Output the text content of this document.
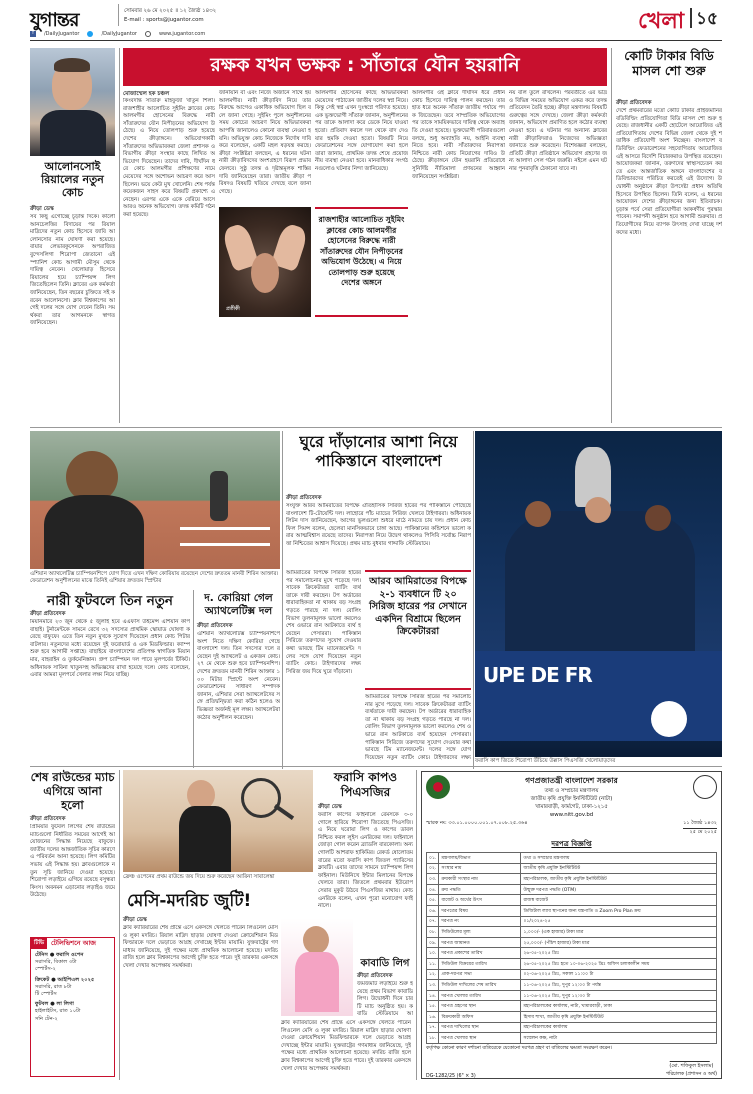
যুগান্তর	সোমবার ২৬ মে ২০২৫ ॥ ১২ জ্যৈষ্ঠ ১৪৩২
E-mail : sports@jugantor.com
f	/DailyJugantor	/DailyJugantor	www.jugantor.com	খেলা ১৫
আলোনসোই রিয়ালের নতুন কোচ
ক্রীড়া ডেস্ক
সব কিছু এগোচ্ছে চূড়ান্ত দিকে। কার্লো আনচেলত্তির বিদায়ের পর রিয়াল মাদ্রিদের নতুন কোচ হিসেবে জাবি আলোনসোর নাম ঘোষণা করা হয়েছে। বায়ার লেভারকুসেনকে অপরাজিত বুন্দেসলিগা শিরোপা জেতানো এই স্প্যানিশ কোচ আগামী মৌসুম থেকে দায়িত্ব নেবেন। খেলোয়াড় হিসেবে রিয়ালের হয়ে চ্যাম্পিয়ন্স লিগ জিতেছিলেন তিনি। ক্লাবের এক কর্মকর্তা জানিয়েছেন, তিন বছরের চুক্তিতে সই করবেন আলোনসো। ক্লাব বিশ্বকাপের আগেই দলের সঙ্গে যোগ দেবেন তিনি। সমর্থকরা তার আগমনকে স্বাগত জানিয়েছেন।
রক্ষক যখন ভক্ষক : সাঁতারে যৌন হয়রানি
মোজাম্মেল হক চঞ্চল
কিংবদন্তি সাঁতারু মাহফুজা খাতুন শিলা। রাজশাহীর আলোচিত সুইমিং ক্লাবের কোচ আলমগীর হোসেনের বিরুদ্ধে নারী সাঁতারুদের যৌন নিপীড়নের অভিযোগ উঠেছে। এ নিয়ে তোলপাড় শুরু হয়েছে দেশের ক্রীড়াঙ্গনে। অভিযোগকারী সাঁতারুদের অভিভাবকরা জেলা প্রশাসক ও বিভাগীয় ক্রীড়া সংস্থার কাছে লিখিত অভিযোগ দিয়েছেন। তাদের দাবি, দীর্ঘদিন ধরে কোচ আলমগীর প্রশিক্ষণের নামে মেয়েদের সঙ্গে অশোভন আচরণ করে আসছিলেন। ভয়ে কেউ মুখ খোলেনি। শেষ পর্যন্ত কয়েকজন সাহস করে বিষয়টি প্রকাশ্যে এনেছেন। এরপর একে একে বেরিয়ে আসে আরও অনেক অভিযোগ। তদন্ত কমিটি গঠন করা হয়েছে।
জানায়নি বা এবং নিজে অজানে সাথে হয় আলমগীর। নারী ক্রীড়াবিদ নিয়ে তার বিরুদ্ধে আগেও একাধিক অভিযোগ ছিল বলে জানা গেছে। সুইমিং পুলে অনুশীলনের সময় কোচের আচরণ নিয়ে অভিভাবকরা আপত্তি জানালেও কোনো ব্যবস্থা নেওয়া হয়নি। অভিযুক্ত কোচ নিজেকে নির্দোষ দাবি করে বলেছেন, একটি মহল ষড়যন্ত্র করছে। ক্রীড়া সংশ্লিষ্টরা বলছেন, এ ধরনের ঘটনা নারী ক্রীড়াবিদদের অংশগ্রহণে বিরূপ প্রভাব ফেলবে। সুষ্ঠু তদন্ত ও দৃষ্টান্তমূলক শাস্তির দাবি জানিয়েছেন তারা। জাতীয় ক্রীড়া পরিষদও বিষয়টি খতিয়ে দেখছে বলে জানা গেছে।
আলমগীর হোসেনের কাছে অভিভাবকরা মেয়েদের পাঠাতেন জাতীয় দলের স্বপ্ন নিয়ে। কিন্তু সেই স্বপ্ন এখন দুঃস্বপ্নে পরিণত হয়েছে। এক ভুক্তভোগী সাঁতারু জানান, অনুশীলনের পর তাকে আলাদা করে ডেকে নিয়ে যাওয়া হতো। প্রতিবাদ করলে দল থেকে বাদ দেওয়ার হুমকি দেওয়া হতো। বিষয়টি নিয়ে ফেডারেশনের সঙ্গে যোগাযোগ করা হলে তারা জানায়, প্রাথমিক তদন্ত শেষে প্রয়োজনীয় ব্যবস্থা নেওয়া হবে। মানবাধিকার সংগঠনগুলোও ঘটনার নিন্দা জানিয়েছে।
আলমগীর ওই ক্লাবে দীর্ঘদিন ধরে প্রধান কোচ হিসেবে দায়িত্ব পালন করছেন। তার হাত ধরে অনেক সাঁতারু জাতীয় পর্যায়ে পদক জিতেছেন। তবে সাম্প্রতিক অভিযোগের পর তাকে সাময়িকভাবে দায়িত্ব থেকে অব্যাহতি দেওয়া হয়েছে। ভুক্তভোগী পরিবারগুলো বলছে, শুধু অব্যাহতি নয়, আইনি ব্যবস্থা নিতে হবে। নারী সাঁতারুদের নিরাপত্তা নিশ্চিতে নারী কোচ নিয়োগের দাবিও উঠেছে। ক্রীড়াঙ্গনে যৌন হয়রানি প্রতিরোধে সুনির্দিষ্ট নীতিমালা প্রণয়নের আহ্বান জানিয়েছেন সংশ্লিষ্টরা।
নয় বলি তুলে রাখলেন। পরবর্তীতে এর ভদ্রি ও বিভিন্ন সময়ের অভিযোগ একত্র করে তদন্ত প্রতিবেদন তৈরি হচ্ছে। ক্রীড়া মন্ত্রণালয় বিষয়টি গুরুত্বের সঙ্গে দেখছে। জেলা ক্রীড়া কর্মকর্তা জানান, অভিযোগ প্রমাণিত হলে কঠোর ব্যবস্থা নেওয়া হবে। এ ঘটনার পর অন্যান্য ক্লাবের নারী ক্রীড়াবিদরাও নিজেদের অভিজ্ঞতা জানাতে শুরু করেছেন। বিশেষজ্ঞরা বলছেন, প্রতিটি ক্রীড়া প্রতিষ্ঠানে অভিযোগ গ্রহণের জন্য আলাদা সেল গঠন জরুরি। নইলে এমন ঘটনার পুনরাবৃত্তি ঠেকানো যাবে না।
প্রতীকী
রাজশাহীর আলোচিত সুইমিং ক্লাবের কোচ আলমগীর হোসেনের বিরুদ্ধে নারী সাঁতারুদের যৌন নিপীড়নের অভিযোগ উঠেছে। এ নিয়ে তোলপাড় শুরু হয়েছে দেশের অঙ্গনে
কোটি টাকার বিডি মাসল শো শুরু
ক্রীড়া প্রতিবেদক
দেশে প্রথমবারের মতো কোটি টাকার প্রাইজমানির বডিবিল্ডিং প্রতিযোগিতা বিডি মাসল শো শুরু হয়েছে। রাজধানীর একটি হোটেলে আয়োজিত এই প্রতিযোগিতায় দেশের বিভিন্ন জেলা থেকে দুই শতাধিক প্রতিযোগী অংশ নিচ্ছেন। বাংলাদেশ বডিবিল্ডিং ফেডারেশনের সহযোগিতায় আয়োজিত এই আসরে বিদেশি বিচারকরাও উপস্থিত রয়েছেন। আয়োজকরা জানান, তরুণদের স্বাস্থ্যসচেতন করতে এবং আন্তর্জাতিক অঙ্গনে বাংলাদেশের বডিবিল্ডারদের পরিচিত করতেই এই উদ্যোগ। উদ্বোধনী অনুষ্ঠানে ক্রীড়া উপদেষ্টা প্রধান অতিথি হিসেবে উপস্থিত ছিলেন। তিনি বলেন, এ ধরনের আয়োজন দেশের ক্রীড়াঙ্গনের জন্য ইতিবাচক। চূড়ান্ত পর্বে সেরা প্রতিযোগীরা আকর্ষণীয় পুরস্কার পাবেন। সমাপনী অনুষ্ঠান হবে আগামী শুক্রবার। প্রতিযোগীদের নিয়ে ব্যাপক উৎসাহ দেখা যাচ্ছে দর্শকদের মধ্যে।
এশিয়ান অ্যাথলেটিক্স চ্যাম্পিয়নশিপে যোগ দিতে এখন দক্ষিণ কোরিয়ায় রয়েছেন দেশের দ্রুততম মানবী শিরিন আক্তার। ফেডারেশন অনুশীলনের মাঝে তিনিই এশিয়ার দ্রুততম স্প্রিন্টার
ঘুরে দাঁড়ানোর আশা নিয়ে পাকিস্তানে বাংলাদেশ
ক্রীড়া প্রতিবেদক
সংযুক্ত আরব আমিরাতের বিপক্ষে ঐতিহাসিক সিরিজ হারের পর পাকিস্তানে পৌঁছেছে বাংলাদেশ টি-টোয়েন্টি দল। লাহোরে পাঁচ ম্যাচের সিরিজ খেলবে টাইগাররা। অধিনায়ক লিটন দাস জানিয়েছেন, আগের ভুলগুলো শুধরে মাঠে নামতে চায় দল। প্রধান কোচ ফিল সিমন্স বলেন, ছেলেরা মানসিকভাবে চাঙ্গা আছে। পাকিস্তানের কন্ডিশনে ভালো করার আত্মবিশ্বাস রয়েছে তাদের। নিরাপত্তা নিয়ে উদ্বেগ থাকলেও পিসিবি সর্বোচ্চ নিরাপত্তা নিশ্চিতের আশ্বাস দিয়েছে। প্রথম ম্যাচ বুধবার গাদ্দাফি স্টেডিয়ামে।
আরব আমিরাতের বিপক্ষে ২-১ ব্যবধানে টি ২০ সিরিজ হারের পর সেখানে একদিন বিশ্রামে ছিলেন ক্রিকেটাররা
আমিরাতের বিপক্ষে সিরিজ হারের পর সমালোচনার মুখে পড়েছে দল। সাবেক ক্রিকেটাররা ব্যাটিং ব্যর্থতাকে দায়ী করছেন। টপ অর্ডারের ধারাবাহিকতা না থাকায় বড় সংগ্রহ গড়তে পারছে না দল। বোলিং বিভাগ তুলনামূলক ভালো করলেও শেষ ওভারে রান আটকাতে ব্যর্থ হয়েছেন পেসাররা। পাকিস্তান সিরিজে তরুণদের সুযোগ দেওয়ার কথা ভাবছে টিম ম্যানেজমেন্ট। দলের সঙ্গে যোগ দিয়েছেন নতুন ব্যাটিং কোচ। টাইগারদের লক্ষ্য সিরিজ জয় দিয়ে ঘুরে দাঁড়ানো।
আমিরাতের বিপক্ষে সিরিজ হারের পর সমালোচনার মুখে পড়েছে দল। সাবেক ক্রিকেটাররা ব্যাটিং ব্যর্থতাকে দায়ী করছেন। টপ অর্ডারের ধারাবাহিকতা না থাকায় বড় সংগ্রহ গড়তে পারছে না দল। বোলিং বিভাগ তুলনামূলক ভালো করলেও শেষ ওভারে রান আটকাতে ব্যর্থ হয়েছেন পেসাররা। পাকিস্তান সিরিজে তরুণদের সুযোগ দেওয়ার কথা ভাবছে টিম ম্যানেজমেন্ট। দলের সঙ্গে যোগ দিয়েছেন নতুন ব্যাটিং কোচ। টাইগারদের লক্ষ্য
UPE DE FR
ফরাসি কাপ জিতে শিরোপা উঁচিয়ে উল্লাস পিএসজি খেলোয়াড়দের
নারী ফুটবলে তিন নতুন
ক্রীড়া প্রতিবেদক
মিয়ানমারে ২৩ জুন থেকে ৫ জুলাই হবে এএফসি উইমেন্স এশিয়ান কাপ বাছাই। টুর্নামেন্টকে সামনে রেখে ৩২ সদস্যের প্রাথমিক স্কোয়াড ঘোষণা করেছে বাফুফে। এতে তিন নতুন মুখকে সুযোগ দিয়েছেন প্রধান কোচ পিটার বাটলার। নতুনদের মধ্যে রয়েছেন দুই ফরোয়ার্ড ও এক মিডফিল্ডার। ক্যাম্প শুরু হবে আগামী সপ্তাহে। বাছাইয়ে বাংলাদেশের প্রতিপক্ষ স্বাগতিক মিয়ানমার, বাহরাইন ও তুর্কমেনিস্তান। গ্রুপ চ্যাম্পিয়ন দল পাবে মূলপর্বের টিকিট। অধিনায়ক সাবিনা খাতুনসহ অভিজ্ঞদের রাখা হয়েছে দলে। কোচ বলেছেন, এবার আমরা মূলপর্বে খেলার লক্ষ্য নিয়ে যাচ্ছি।
দ. কোরিয়া গেল অ্যাথলেটিক্স দল
ক্রীড়া প্রতিবেদক
এশিয়ান অ্যাথলেটিক্স চ্যাম্পিয়নশিপে অংশ নিতে দক্ষিণ কোরিয়া গেছে বাংলাদেশ দল। তিন সদস্যের দলে রয়েছেন দুই অ্যাথলেট ও একজন কোচ। ২৭ মে থেকে শুরু হবে চ্যাম্পিয়নশিপ। দেশের দ্রুততম মানবী শিরিন আক্তার ১০০ মিটার স্প্রিন্টে অংশ নেবেন। ফেডারেশনের সাধারণ সম্পাদক জানান, এশিয়ার সেরা অ্যাথলেটদের সঙ্গে প্রতিদ্বন্দ্বিতা করা কঠিন হলেও অভিজ্ঞতা অর্জনই মূল লক্ষ্য। অ্যাথলেটরা কঠোর অনুশীলন করেছেন।
শেষ রাউন্ডের ম্যাচ এগিয়ে আনা হলো
ক্রীড়া প্রতিবেদক
প্রিমিয়ার ফুটবল লিগের শেষ রাউন্ডের ম্যাচগুলো নির্ধারিত সময়ের আগেই আয়োজনের সিদ্ধান্ত নিয়েছে বাফুফে। জাতীয় দলের আন্তর্জাতিক সূচির কারণে এ পরিবর্তন আনা হয়েছে। লিগ কমিটির সভায় এই সিদ্ধান্ত হয়। ক্লাবগুলোকে নতুন সূচি জানিয়ে দেওয়া হয়েছে। শিরোপা লড়াইয়ে এগিয়ে রয়েছে বসুন্ধরা কিংস। অবনমন এড়ানোর লড়াইও জমে উঠেছে।
টিভি	টেলিভিশনে আজ
টেনিস ● ফরাসি ওপেন
সরাসরি, বিকাল ৩টা
স্পোর্টস-২
ক্রিকেট ● আইপিএল ২০২৫
সরাসরি, রাত ৮টা
টি স্পোর্টস
ফুটবল ● লা লিগা
হাইলাইটস, রাত ১০টা
সনি টেন-২
ফ্রেঞ্চ ওপেনের প্রথম রাউন্ডে জয় দিয়ে শুরু করেছেন আরিনা সাবালেঙ্কা
মেসি-মদরিচ জুটি!
ক্রীড়া ডেস্ক
ক্লাব ক্যারিয়ারের শেষ প্রান্তে এসে একসঙ্গে খেলতে পারেন লিওনেল মেসি ও লুকা মদরিচ। রিয়াল মাদ্রিদ ছাড়ার ঘোষণা দেওয়া ক্রোয়েশিয়ান মিডফিল্ডারকে দলে ভেড়াতে আগ্রহ দেখাচ্ছে ইন্টার মায়ামি। যুক্তরাষ্ট্রের গণমাধ্যম জানিয়েছে, দুই পক্ষের মধ্যে প্রাথমিক আলোচনা হয়েছে। মদরিচ রাজি হলে ক্লাব বিশ্বকাপের আগেই চুক্তি হতে পারে। দুই তারকার একসঙ্গে খেলা দেখার অপেক্ষায় সমর্থকরা।
ক্লাব ক্যারিয়ারের শেষ প্রান্তে এসে একসঙ্গে খেলতে পারেন লিওনেল মেসি ও লুকা মদরিচ। রিয়াল মাদ্রিদ ছাড়ার ঘোষণা দেওয়া ক্রোয়েশিয়ান মিডফিল্ডারকে দলে ভেড়াতে আগ্রহ দেখাচ্ছে ইন্টার মায়ামি। যুক্তরাষ্ট্রের গণমাধ্যম জানিয়েছে, দুই পক্ষের মধ্যে প্রাথমিক আলোচনা হয়েছে। মদরিচ রাজি হলে ক্লাব বিশ্বকাপের আগেই চুক্তি হতে পারে। দুই তারকার একসঙ্গে খেলা দেখার অপেক্ষায় সমর্থকরা।
ফরাসি কাপও পিএসজির
ক্রীড়া ডেস্ক
ফরাসি কাপের ফাইনালে রেঁমসকে ৩-০ গোলে হারিয়ে শিরোপা জিতেছে পিএসজি। এ নিয়ে ঘরোয়া লিগ ও কাপের ডাবল নিশ্চিত করল লুইস এনরিকের দল। ফাইনালে জোড়া গোল করেন ব্র্যাডলি বারকোলা। অন্য গোলটি আশরাফ হাকিমির। রেকর্ড ষোলোতম বারের মতো ফরাসি কাপ জিতল প্যারিসের ক্লাবটি। এবার তাদের সামনে চ্যাম্পিয়ন্স লিগ ফাইনাল। মিউনিখে ইন্টার মিলানের বিপক্ষে খেলবে তারা। জিতলে প্রথমবার ইউরোপ সেরার মুকুট উঠবে পিএসজির মাথায়। কোচ এনরিকে বলেন, এখন পুরো মনোযোগ ফাইনালে।
কাবাডি লিগ
ক্রীড়া প্রতিবেদক
জমজমাট লড়াইয়ে শুরু হয়েছে প্রথম বিভাগ কাবাডি লিগ। উদ্বোধনী দিনে চারটি ম্যাচ অনুষ্ঠিত হয়। কবাডি স্টেডিয়ামে আ
গণপ্রজাতন্ত্রী বাংলাদেশ সরকার
তথ্য ও সম্প্রচার মন্ত্রণালয়
জাতীয় কৃষি প্রযুক্তি ইনস্টিটিউট (নাটা)
খামারবাড়ী, ফার্মগেট, ঢাকা-১২১৫
www.nitt.gov.bd
স্মারক নং: ৩৩.০১.০০০০.০০১.০৭.০০৮.২৫.৩৬৪	১১ জ্যৈষ্ঠ ১৪৩২
২৫ মে ২০২৫
দরপত্র বিজ্ঞপ্তি
০১.	মন্ত্রণালয়/বিভাগ	তথ্য ও সম্প্রচার মন্ত্রণালয়
০২.	সংস্থার নাম	জাতীয় কৃষি প্রযুক্তি ইনস্টিটিউট
০৩.	ক্রয়কারী সংস্থার নাম	মহাপরিচালক, জাতীয় কৃষি প্রযুক্তি ইনস্টিটিউট
০৪.	ক্রয় পদ্ধতি	উন্মুক্ত দরপত্র পদ্ধতি (OTM)
০৫.	বাজেট ও অর্থের উৎস	রাজস্ব বাজেট
০৬.	দরপত্রের বিষয়	ডিজিটাল ল্যাব স্থাপনের জন্য যন্ত্রপাতি ও Zoom Pro Plan ক্রয়
০৭.	দরপত্র নং	০১/২০২৪-২৫
০৮.	সিডিউলের মূল্য	১,০০০/- (এক হাজার) টাকা মাত্র
০৯.	দরপত্র জামানত	২৫,০০০/- (পঁচিশ হাজার) টাকা মাত্র
১০.	দরপত্র প্রকাশের তারিখ	২৬-০৫-২০২৫ খ্রিঃ
১১.	সিডিউল বিক্রয়ের তারিখ	২৬-০৫-২০২৫ খ্রিঃ হতে ১০-০৬-২০২৫ খ্রিঃ অফিস চলাকালীন সময়
১২.	প্রাক-দরপত্র সভা	০২-০৬-২০২৫ খ্রিঃ, সকাল ১১:০০ টা
১৩.	সিডিউল দাখিলের শেষ তারিখ	১১-০৬-২০২৫ খ্রিঃ, দুপুর ১২:০০ টা পর্যন্ত
১৪.	দরপত্র খোলার তারিখ	১১-০৬-২০২৫ খ্রিঃ, দুপুর ১২:৩০ টা
১৫.	দরপত্র গ্রহণের স্থান	মহাপরিচালকের কার্যালয়, নাটা, খামারবাড়ী, ঢাকা
১৬.	বিক্রয়কারী অফিস	হিসাব শাখা, জাতীয় কৃষি প্রযুক্তি ইনস্টিটিউট
১৭.	দরপত্র দাখিলের স্থান	মহাপরিচালকের কার্যালয়
১৮.	দরপত্র খোলার স্থান	সম্মেলন কক্ষ, নাটা
কর্তৃপক্ষ কোনো কারণ দর্শানো ব্যতিরেকে যেকোনো দরপত্র গ্রহণ বা বাতিলের ক্ষমতা সংরক্ষণ করেন।
DG-1282/25 (6" × 3)
(মো. শফিকুল ইসলাম)
পরিচালক (প্রশাসন ও অর্থ)
